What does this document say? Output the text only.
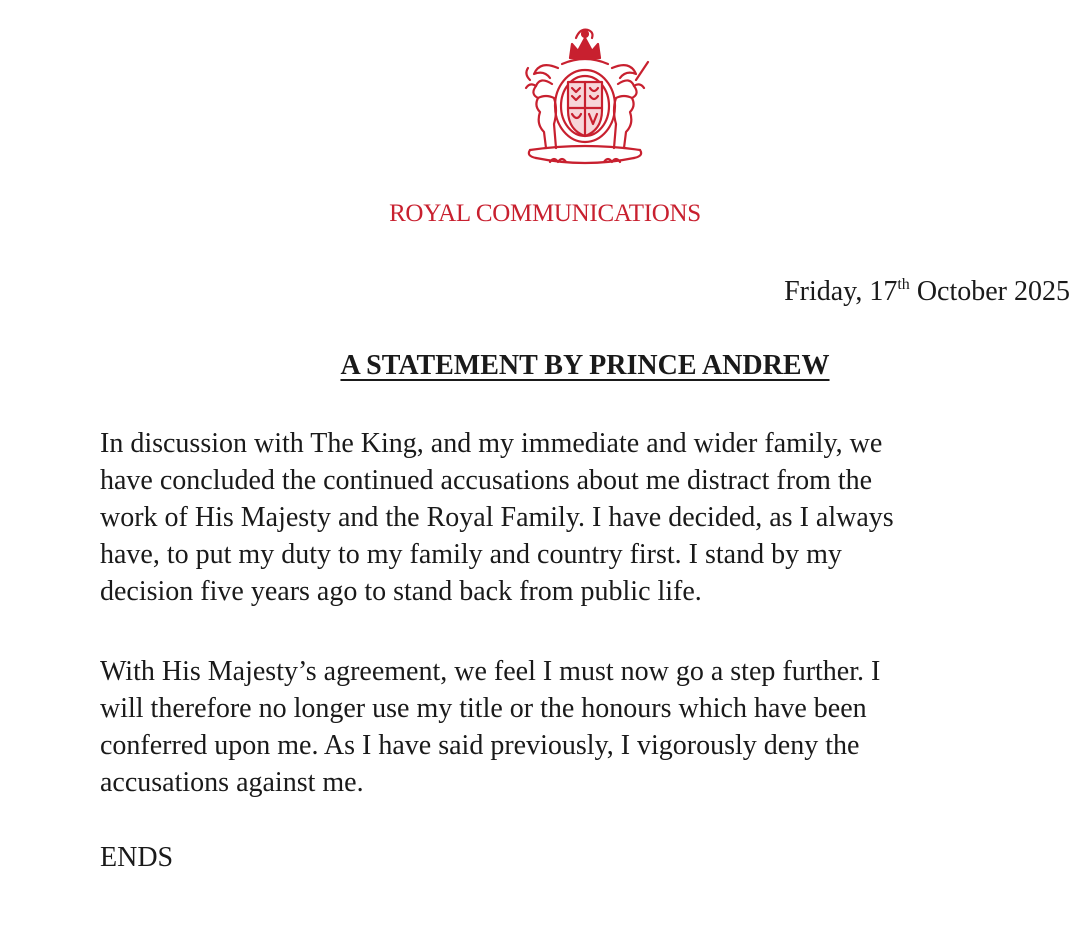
ROYAL COMMUNICATIONS
Friday, 17th October 2025
A STATEMENT BY PRINCE ANDREW

In discussion with The King, and my immediate and wider family, we
have concluded the continued accusations about me distract from the
work of His Majesty and the Royal Family. I have decided, as I always
have, to put my duty to my family and country first. I stand by my
decision five years ago to stand back from public life.

With His Majesty’s agreement, we feel I must now go a step further. I
will therefore no longer use my title or the honours which have been
conferred upon me. As I have said previously, I vigorously deny the
accusations against me.

ENDS
